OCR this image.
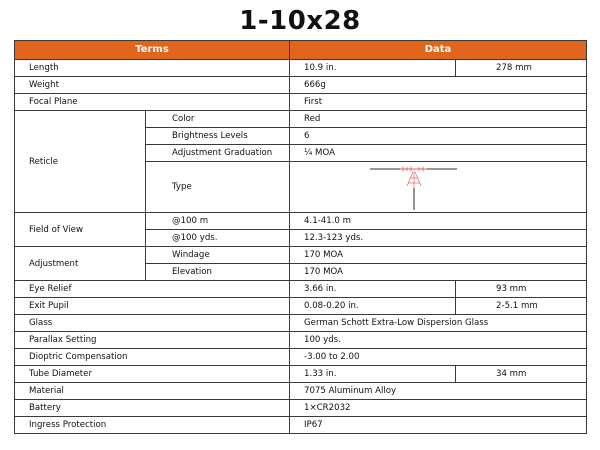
1-10x28
Terms		Data	
Length		10.9 in.	278 mm
Weight		666g	
Focal Plane		First	
Reticle	Color	Red	
	Brightness Levels	6	
	Adjustment Graduation	¼ MOA	
	Type	

Field of View	@100 m	4.1-41.0 m	
	@100 yds.	12.3-123 yds.	
Adjustment	Windage	170 MOA	
	Elevation	170 MOA	
Eye Relief		3.66 in.	93 mm
Exit Pupil		0.08-0.20 in.	2-5.1 mm
Glass		German Schott Extra-Low Dispersion Glass	
Parallax Setting		100 yds.	
Dioptric Compensation		-3.00 to 2.00	
Tube Diameter		1.33 in.	34 mm
Material		7075 Aluminum Alloy	
Battery		1×CR2032	
Ingress Protection		IP67	
